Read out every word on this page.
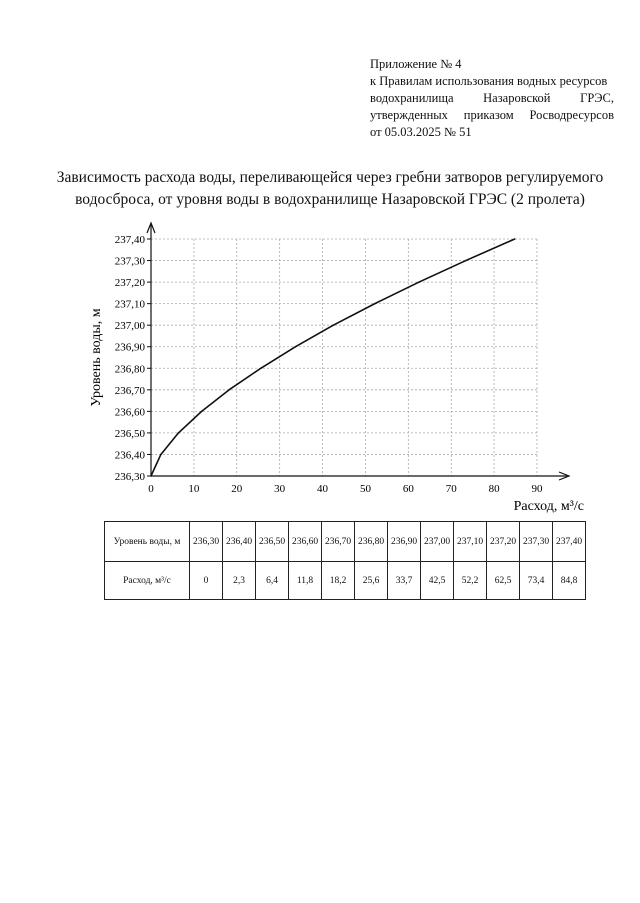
Приложение № 4
к Правилам использования водных ресурсов
водохранилища Назаровской ГРЭС,
утвержденных приказом Росводресурсов
от 05.03.2025 № 51
Зависимость расхода воды, переливающейся через гребни затворов регулируемого
водосброса, от уровня воды в водохранилище Назаровской ГРЭС (2 пролета)
0	10	20	30	40	50	60	70	80	90
236,30
236,40
236,50
236,60
236,70
236,80
236,90
237,00
237,10
237,20
237,30
237,40
Уровень воды, м
Расход, м³/с
Уровень воды, м	236,30	236,40	236,50	236,60	236,70	236,80	236,90	237,00	237,10	237,20	237,30	237,40
Расход, м³/с	0	2,3	6,4	11,8	18,2	25,6	33,7	42,5	52,2	62,5	73,4	84,8
